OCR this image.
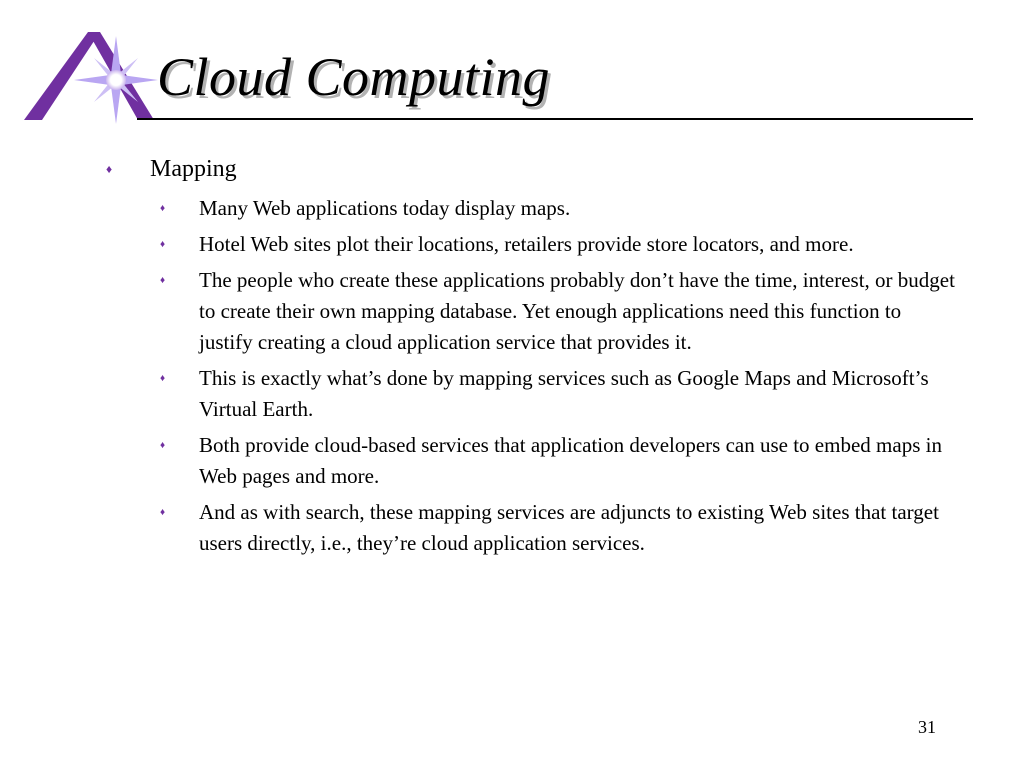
Cloud Computing
♦	Mapping
♦	Many Web applications today display maps.
♦	Hotel Web sites plot their locations, retailers provide store locators, and more.
♦	The people who create these applications probably don’t have the time, interest, or budget to create their own mapping database. Yet enough applications need this function to justify creating a cloud application service that provides it.
♦	This is exactly what’s done by mapping services such as Google Maps and Microsoft’s Virtual Earth.
♦	Both provide cloud-based services that application developers can use to embed maps in Web pages and more.
♦	And as with search, these mapping services are adjuncts to existing Web sites that target users directly, i.e., they’re cloud application services.
31
